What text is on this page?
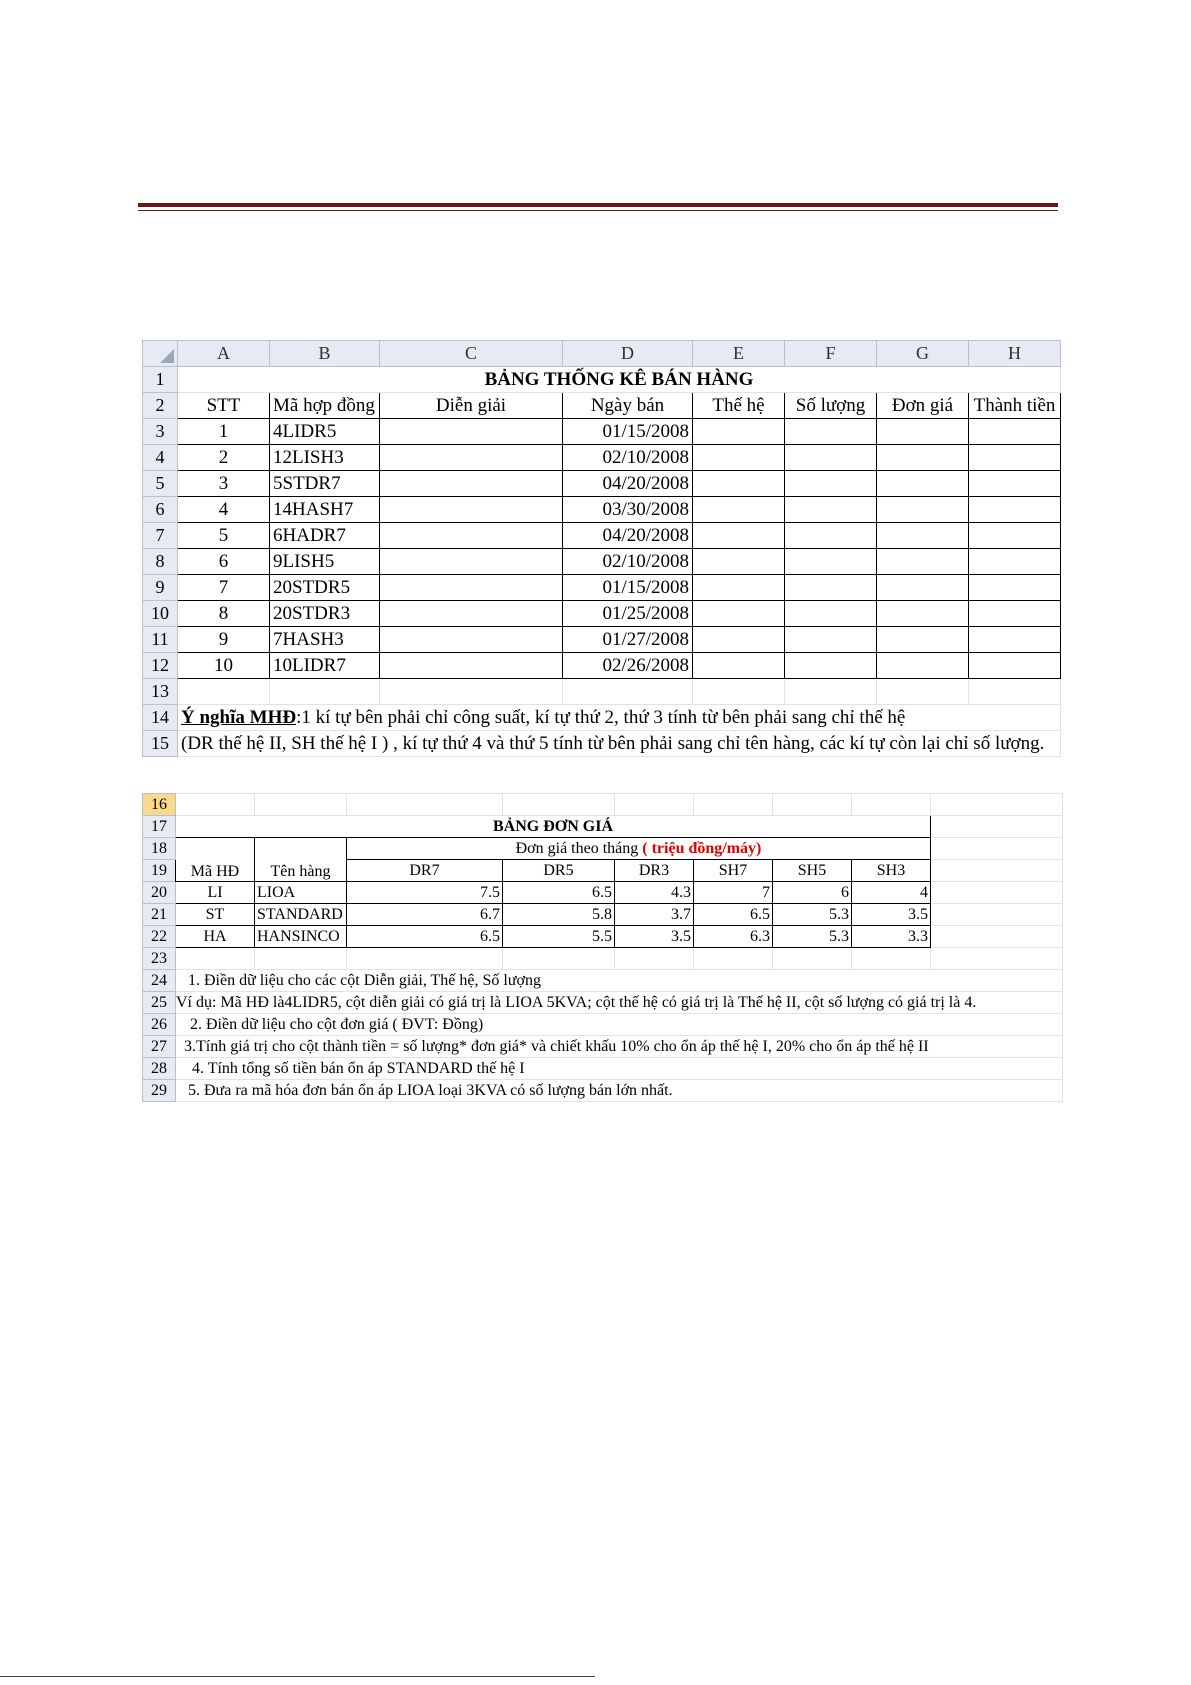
	A	B	C	D	E	F	G	H
1	BẢNG THỐNG KÊ BÁN HÀNG							
2	STT	Mã hợp đồng	Diễn giải	Ngày bán	Thế hệ	Số lượng	Đơn giá	Thành tiền
3	1	4LIDR5		01/15/2008				
4	2	12LISH3		02/10/2008				
5	3	5STDR7		04/20/2008				
6	4	14HASH7		03/30/2008				
7	5	6HADR7		04/20/2008				
8	6	9LISH5		02/10/2008				
9	7	20STDR5		01/15/2008				
10	8	20STDR3		01/25/2008				
11	9	7HASH3		01/27/2008				
12	10	10LIDR7		02/26/2008				
13								
14	Ý nghĩa MHĐ:1 kí tự bên phải chỉ công suất, kí tự thứ 2, thứ 3 tính từ bên phải sang chỉ thế hệ							
15	(DR thế hệ II, SH thế hệ I ) , kí tự thứ 4 và thứ 5 tính từ bên phải sang chỉ tên hàng, các kí tự còn lại chỉ số lượng.							
16									
17	BẢNG ĐƠN GIÁ								
18	Mã HĐ	Tên hàng	Đơn giá theo tháng ( triệu đồng/máy)						
19			DR7	DR5	DR3	SH7	SH5	SH3	
20	LI	LIOA	7.5	6.5	4.3	7	6	4	
21	ST	STANDARD	6.7	5.8	3.7	6.5	5.3	3.5	
22	HA	HANSINCO	6.5	5.5	3.5	6.3	5.3	3.3	
23									
24	1. Điền dữ liệu cho các cột Diễn giải, Thế hệ, Số lượng								
25	Ví dụ: Mã HĐ là4LIDR5, cột diễn giải có giá trị là LIOA 5KVA; cột thế hệ có giá trị là Thế hệ II, cột số lượng có giá trị là 4.								
26	2. Điền dữ liệu cho cột đơn giá ( ĐVT: Đồng)								
27	3.Tính giá trị cho cột thành tiền = số lượng* đơn giá* và chiết khấu 10% cho ổn áp thế hệ I, 20% cho ổn áp thế hệ II								
28	4. Tính tổng số tiền bán ổn áp STANDARD thế hệ I								
29	5. Đưa ra mã hóa đơn bán ổn áp LIOA loại 3KVA có số lượng bán lớn nhất.								
